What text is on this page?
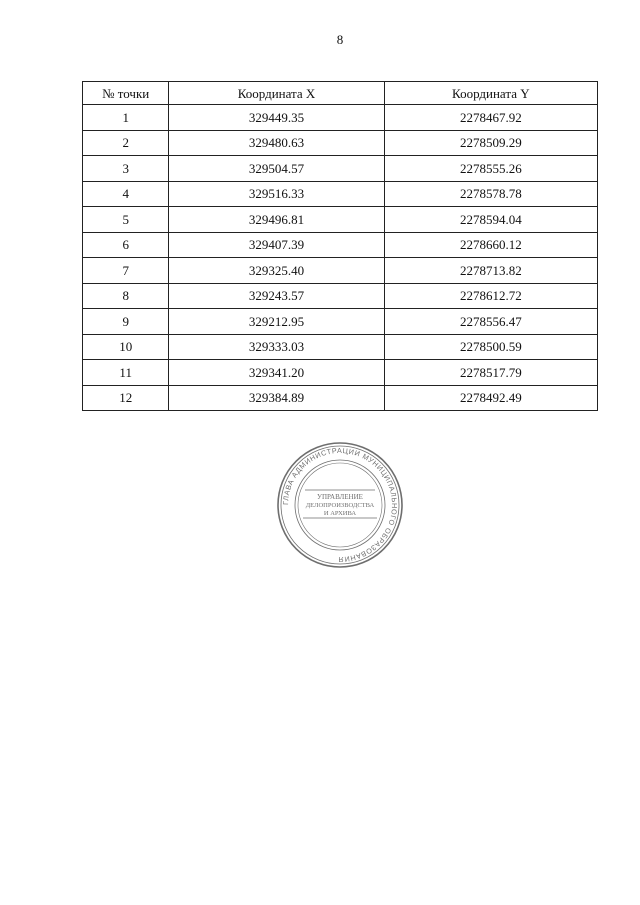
8
№ точки	Координата X	Координата Y
1	329449.35	2278467.92
2	329480.63	2278509.29
3	329504.57	2278555.26
4	329516.33	2278578.78
5	329496.81	2278594.04
6	329407.39	2278660.12
7	329325.40	2278713.82
8	329243.57	2278612.72
9	329212.95	2278556.47
10	329333.03	2278500.59
11	329341.20	2278517.79
12	329384.89	2278492.49
ГЛАВА АДМИНИСТРАЦИИ МУНИЦИПАЛЬНОГО ОБРАЗОВАНИЯ
УПРАВЛЕНИЕ
ДЕЛОПРОИЗВОДСТВА
И АРХИВА
